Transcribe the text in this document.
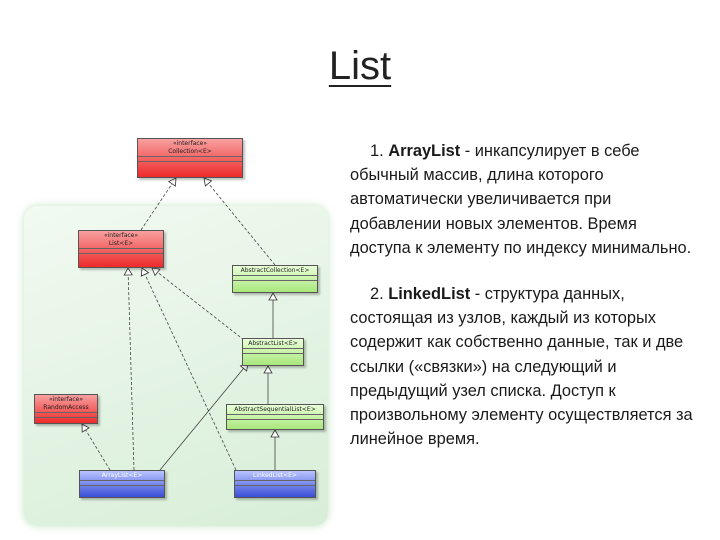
List
«interface»
Collection<E>
«interface»
List<E>
AbstractCollection<E>
AbstractList<E>
«interface»
RandomAccess	AbstractSequentialList<E>
ArrayList<E>	LinkedList<E>

1. ArrayList - инкапсулирует в себе обычный массив, длина которого автоматически увеличивается при добавлении новых элементов. Время доступа к элементу по индексу минимально.

2. LinkedList - структура данных, состоящая из узлов, каждый из которых содержит как собственно данные, так и две ссылки («связки») на следующий и предыдущий узел списка. Доступ к произвольному элементу осуществляется за линейное время.
